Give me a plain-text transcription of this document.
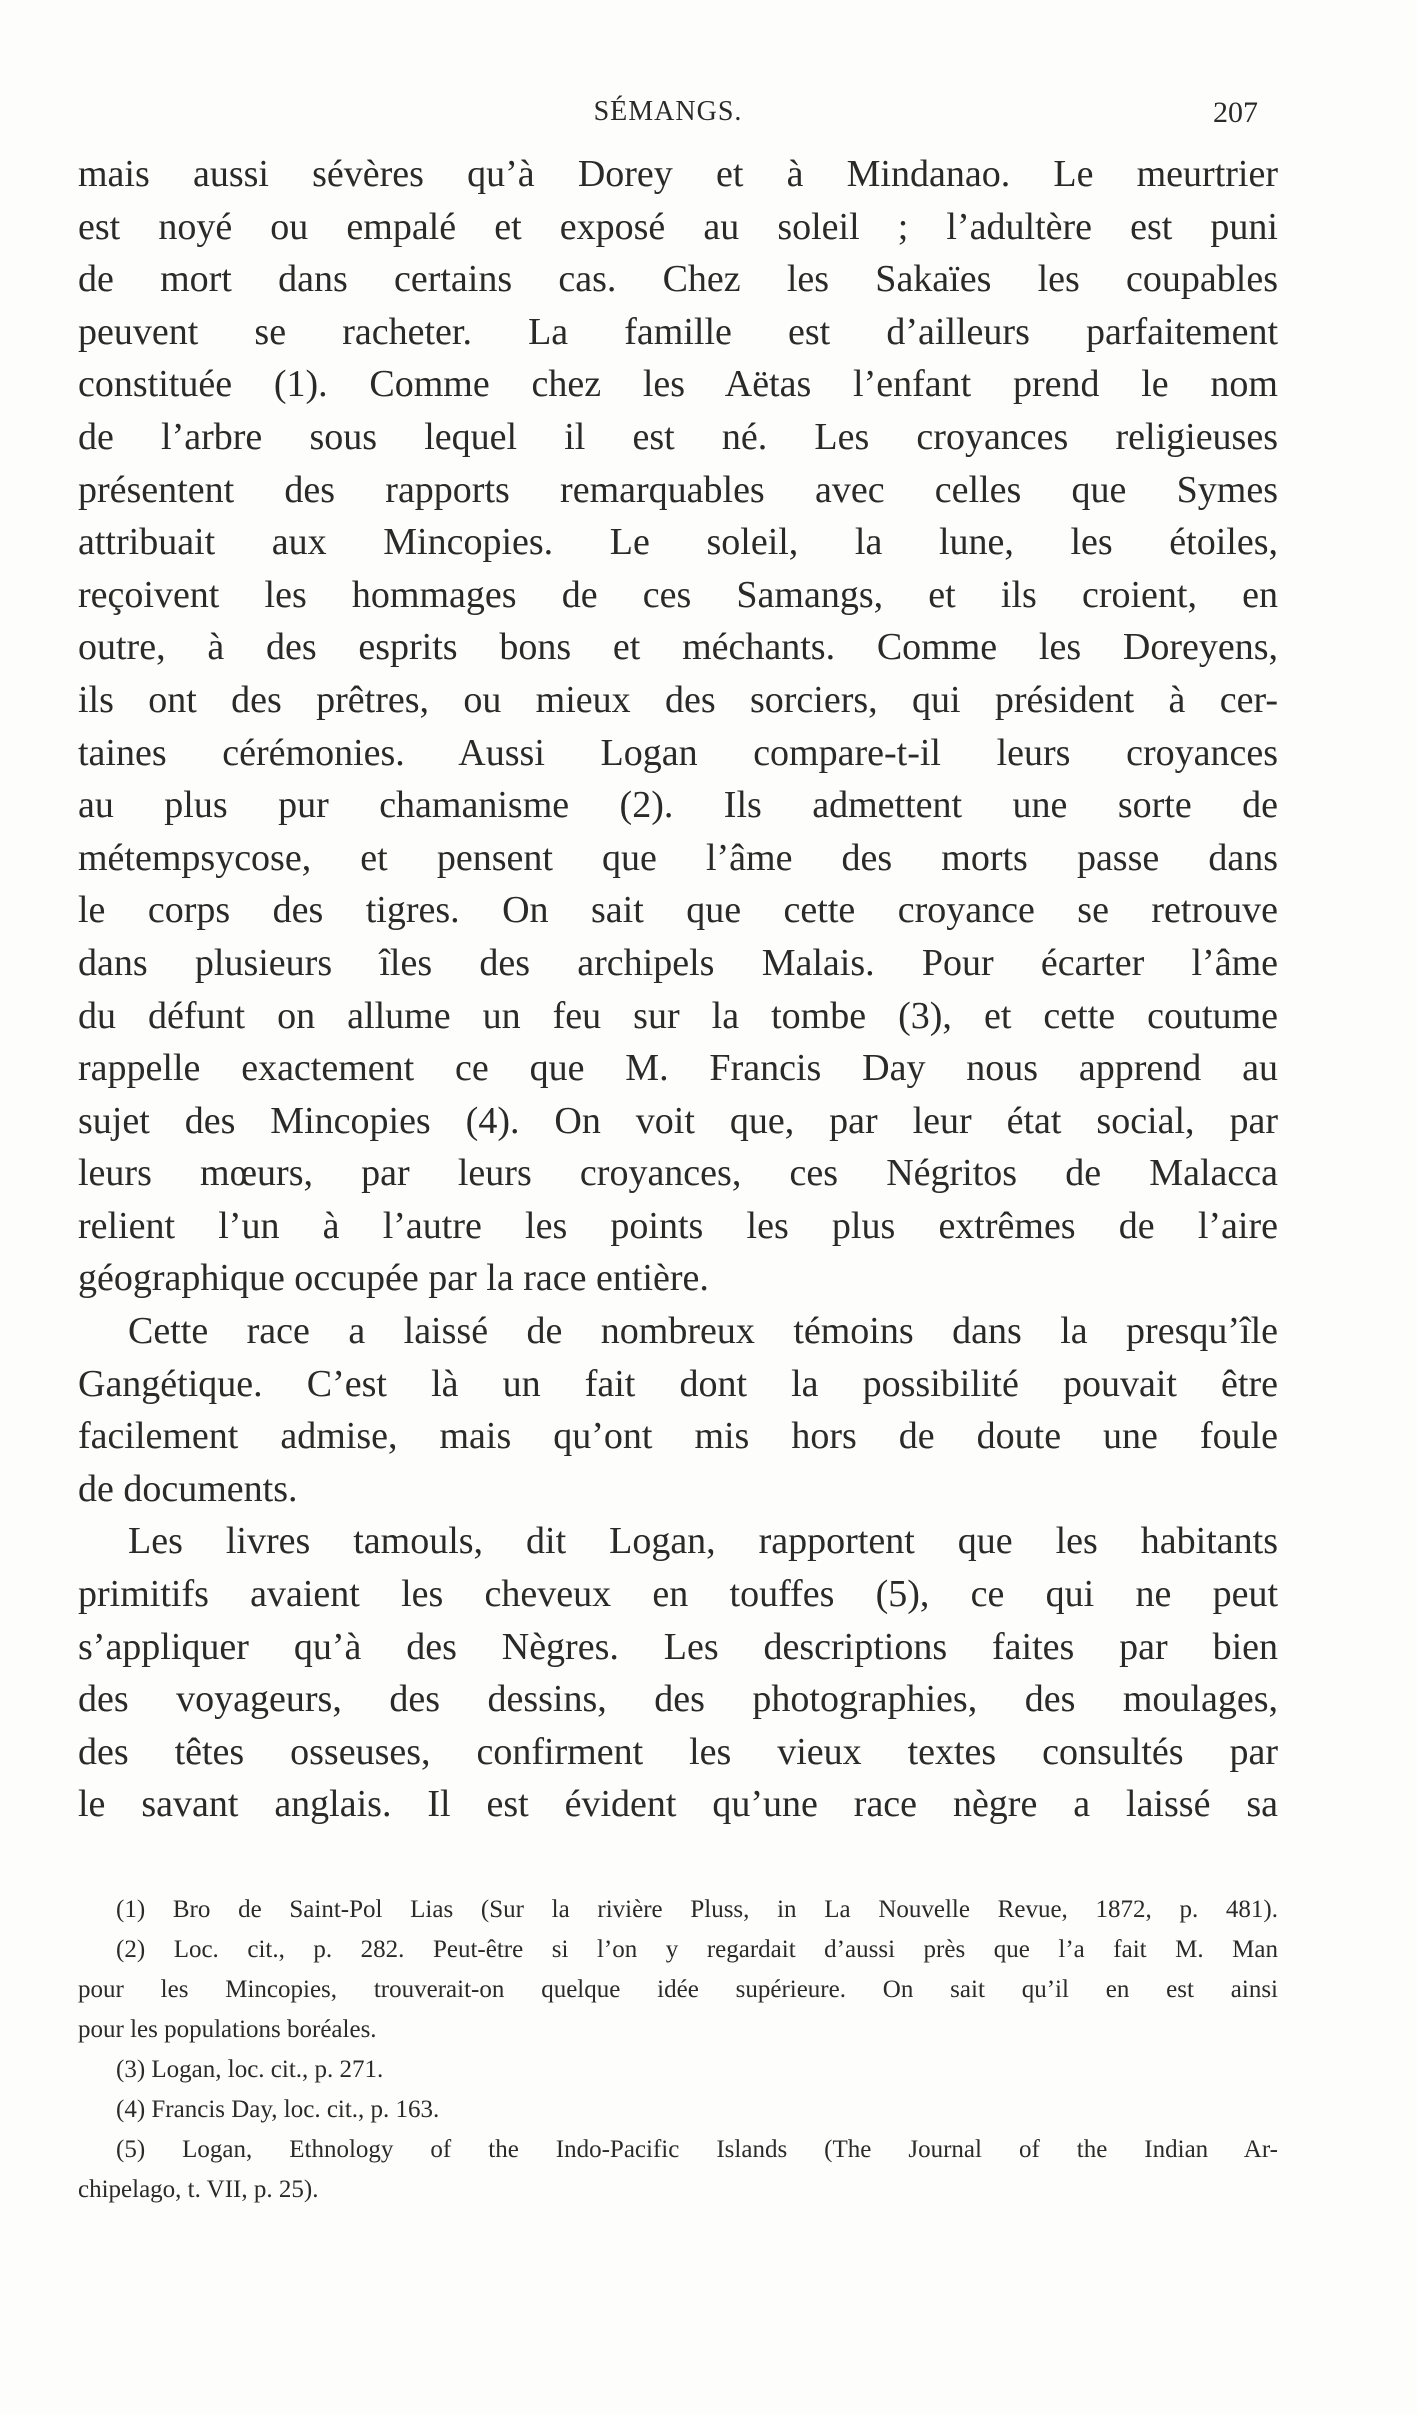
SÉMANGS.	207
mais aussi sévères qu’à Dorey et à Mindanao. Le meurtrier
est noyé ou empalé et exposé au soleil ; l’adultère est puni
de mort dans certains cas. Chez les Sakaïes les coupables
peuvent se racheter. La famille est d’ailleurs parfaitement
constituée (1). Comme chez les Aëtas l’enfant prend le nom
de l’arbre sous lequel il est né. Les croyances religieuses
présentent des rapports remarquables avec celles que Symes
attribuait aux Mincopies. Le soleil, la lune, les étoiles,
reçoivent les hommages de ces Samangs, et ils croient, en
outre, à des esprits bons et méchants. Comme les Doreyens,
ils ont des prêtres, ou mieux des sorciers, qui président à cer-
taines cérémonies. Aussi Logan compare-t-il leurs croyances
au plus pur chamanisme (2). Ils admettent une sorte de
métempsycose, et pensent que l’âme des morts passe dans
le corps des tigres. On sait que cette croyance se retrouve
dans plusieurs îles des archipels Malais. Pour écarter l’âme
du défunt on allume un feu sur la tombe (3), et cette coutume
rappelle exactement ce que M. Francis Day nous apprend au
sujet des Mincopies (4). On voit que, par leur état social, par
leurs mœurs, par leurs croyances, ces Négritos de Malacca
relient l’un à l’autre les points les plus extrêmes de l’aire
géographique occupée par la race entière.
Cette race a laissé de nombreux témoins dans la presqu’île
Gangétique. C’est là un fait dont la possibilité pouvait être
facilement admise, mais qu’ont mis hors de doute une foule
de documents.
Les livres tamouls, dit Logan, rapportent que les habitants
primitifs avaient les cheveux en touffes (5), ce qui ne peut
s’appliquer qu’à des Nègres. Les descriptions faites par bien
des voyageurs, des dessins, des photographies, des moulages,
des têtes osseuses, confirment les vieux textes consultés par
le savant anglais. Il est évident qu’une race nègre a laissé sa
(1) Bro de Saint-Pol Lias (Sur la rivière Pluss, in La Nouvelle Revue, 1872, p. 481).
(2) Loc. cit., p. 282. Peut-être si l’on y regardait d’aussi près que l’a fait M. Man
pour les Mincopies, trouverait-on quelque idée supérieure. On sait qu’il en est ainsi
pour les populations boréales.
(3) Logan, loc. cit., p. 271.
(4) Francis Day, loc. cit., p. 163.
(5) Logan, Ethnology of the Indo-Pacific Islands (The Journal of the Indian Ar-
chipelago, t. VII, p. 25).
